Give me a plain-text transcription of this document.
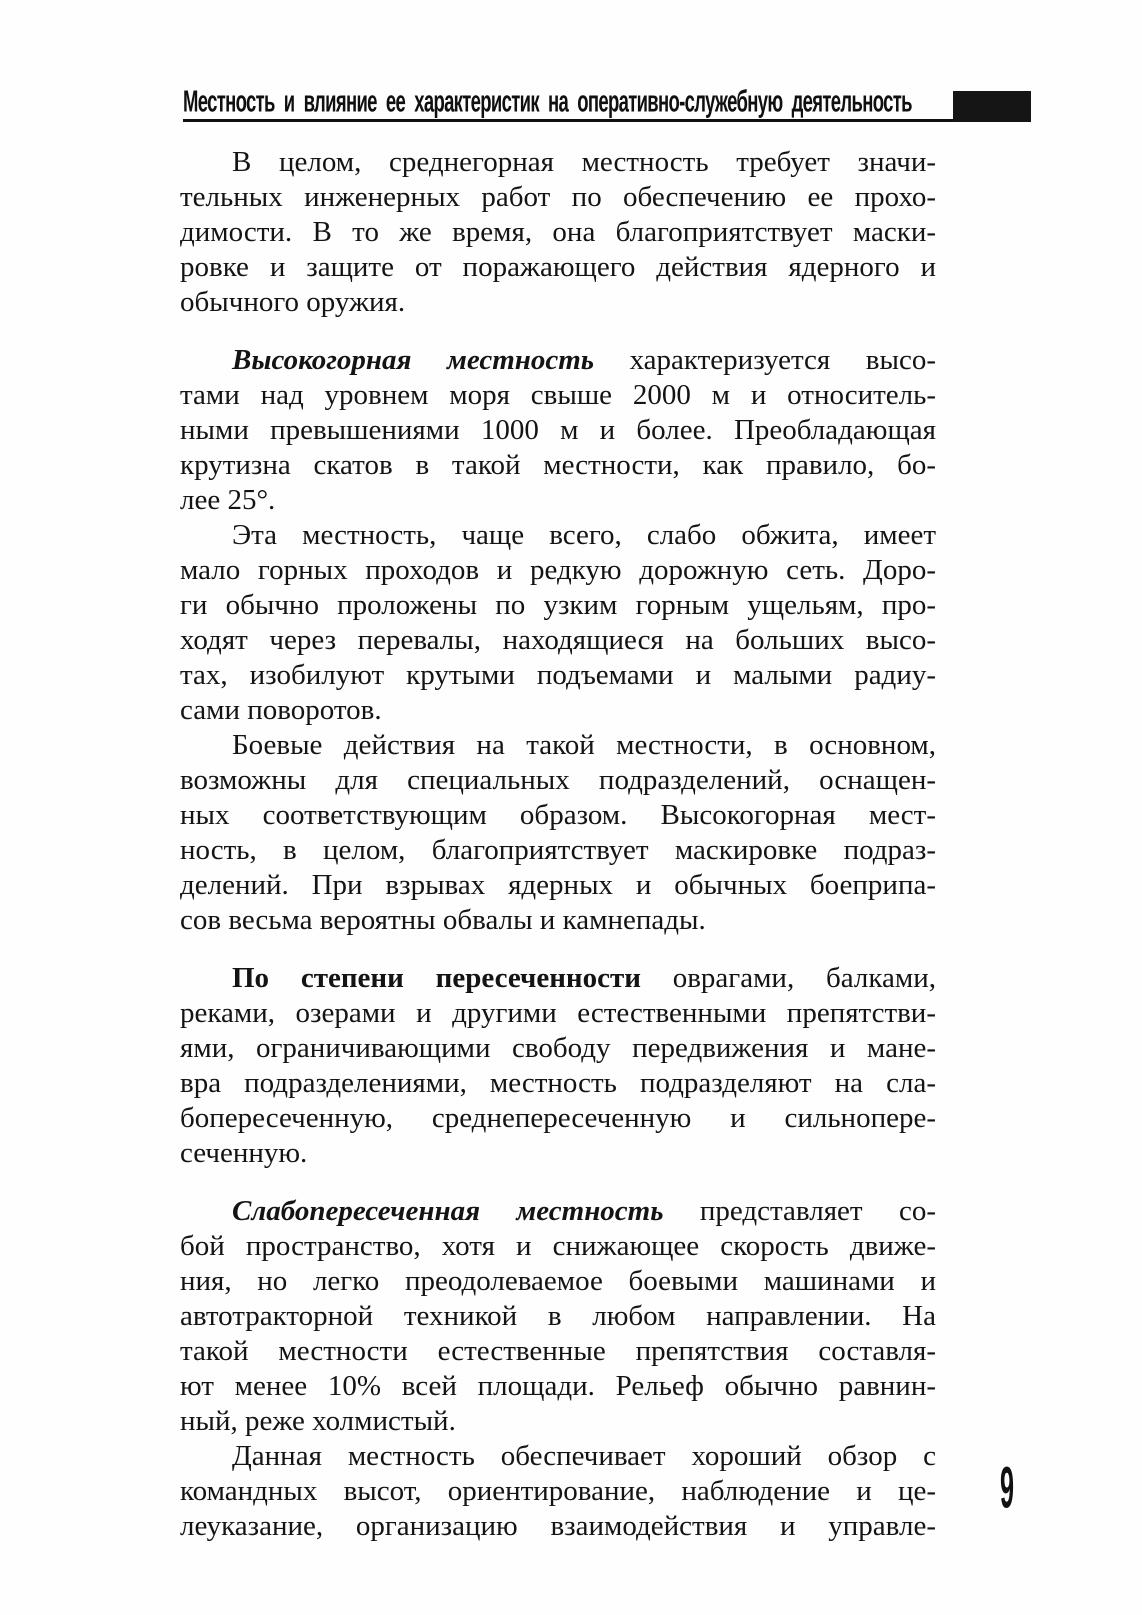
Местность и влияние ее характеристик на оперативно-служебную деятельность
В целом, среднегорная местность требует значи-
тельных инженерных работ по обеспечению ее прохо-
димости. В то же время, она благоприятствует маски-
ровке и защите от поражающего действия ядерного и
обычного оружия.
Высокогорная местность характеризуется высо-
тами над уровнем моря свыше 2000 м и относитель-
ными превышениями 1000 м и более. Преобладающая
крутизна скатов в такой местности, как правило, бо-
лее 25°.
Эта местность, чаще всего, слабо обжита, имеет
мало горных проходов и редкую дорожную сеть. Доро-
ги обычно проложены по узким горным ущельям, про-
ходят через перевалы, находящиеся на больших высо-
тах, изобилуют крутыми подъемами и малыми радиу-
сами поворотов.
Боевые действия на такой местности, в основном,
возможны для специальных подразделений, оснащен-
ных соответствующим образом. Высокогорная мест-
ность, в целом, благоприятствует маскировке подраз-
делений. При взрывах ядерных и обычных боеприпа-
сов весьма вероятны обвалы и камнепады.
По степени пересеченности оврагами, балками,
реками, озерами и другими естественными препятстви-
ями, ограничивающими свободу передвижения и мане-
вра подразделениями, местность подразделяют на сла-
бопересеченную, среднепересеченную и сильнопере-
сеченную.
Слабопересеченная местность представляет со-
бой пространство, хотя и снижающее скорость движе-
ния, но легко преодолеваемое боевыми машинами и
автотракторной техникой в любом направлении. На
такой местности естественные препятствия составля-
ют менее 10% всей площади. Рельеф обычно равнин-
ный, реже холмистый.
Данная местность обеспечивает хороший обзор с
командных высот, ориентирование, наблюдение и це-
леуказание, организацию взаимодействия и управле-
9
